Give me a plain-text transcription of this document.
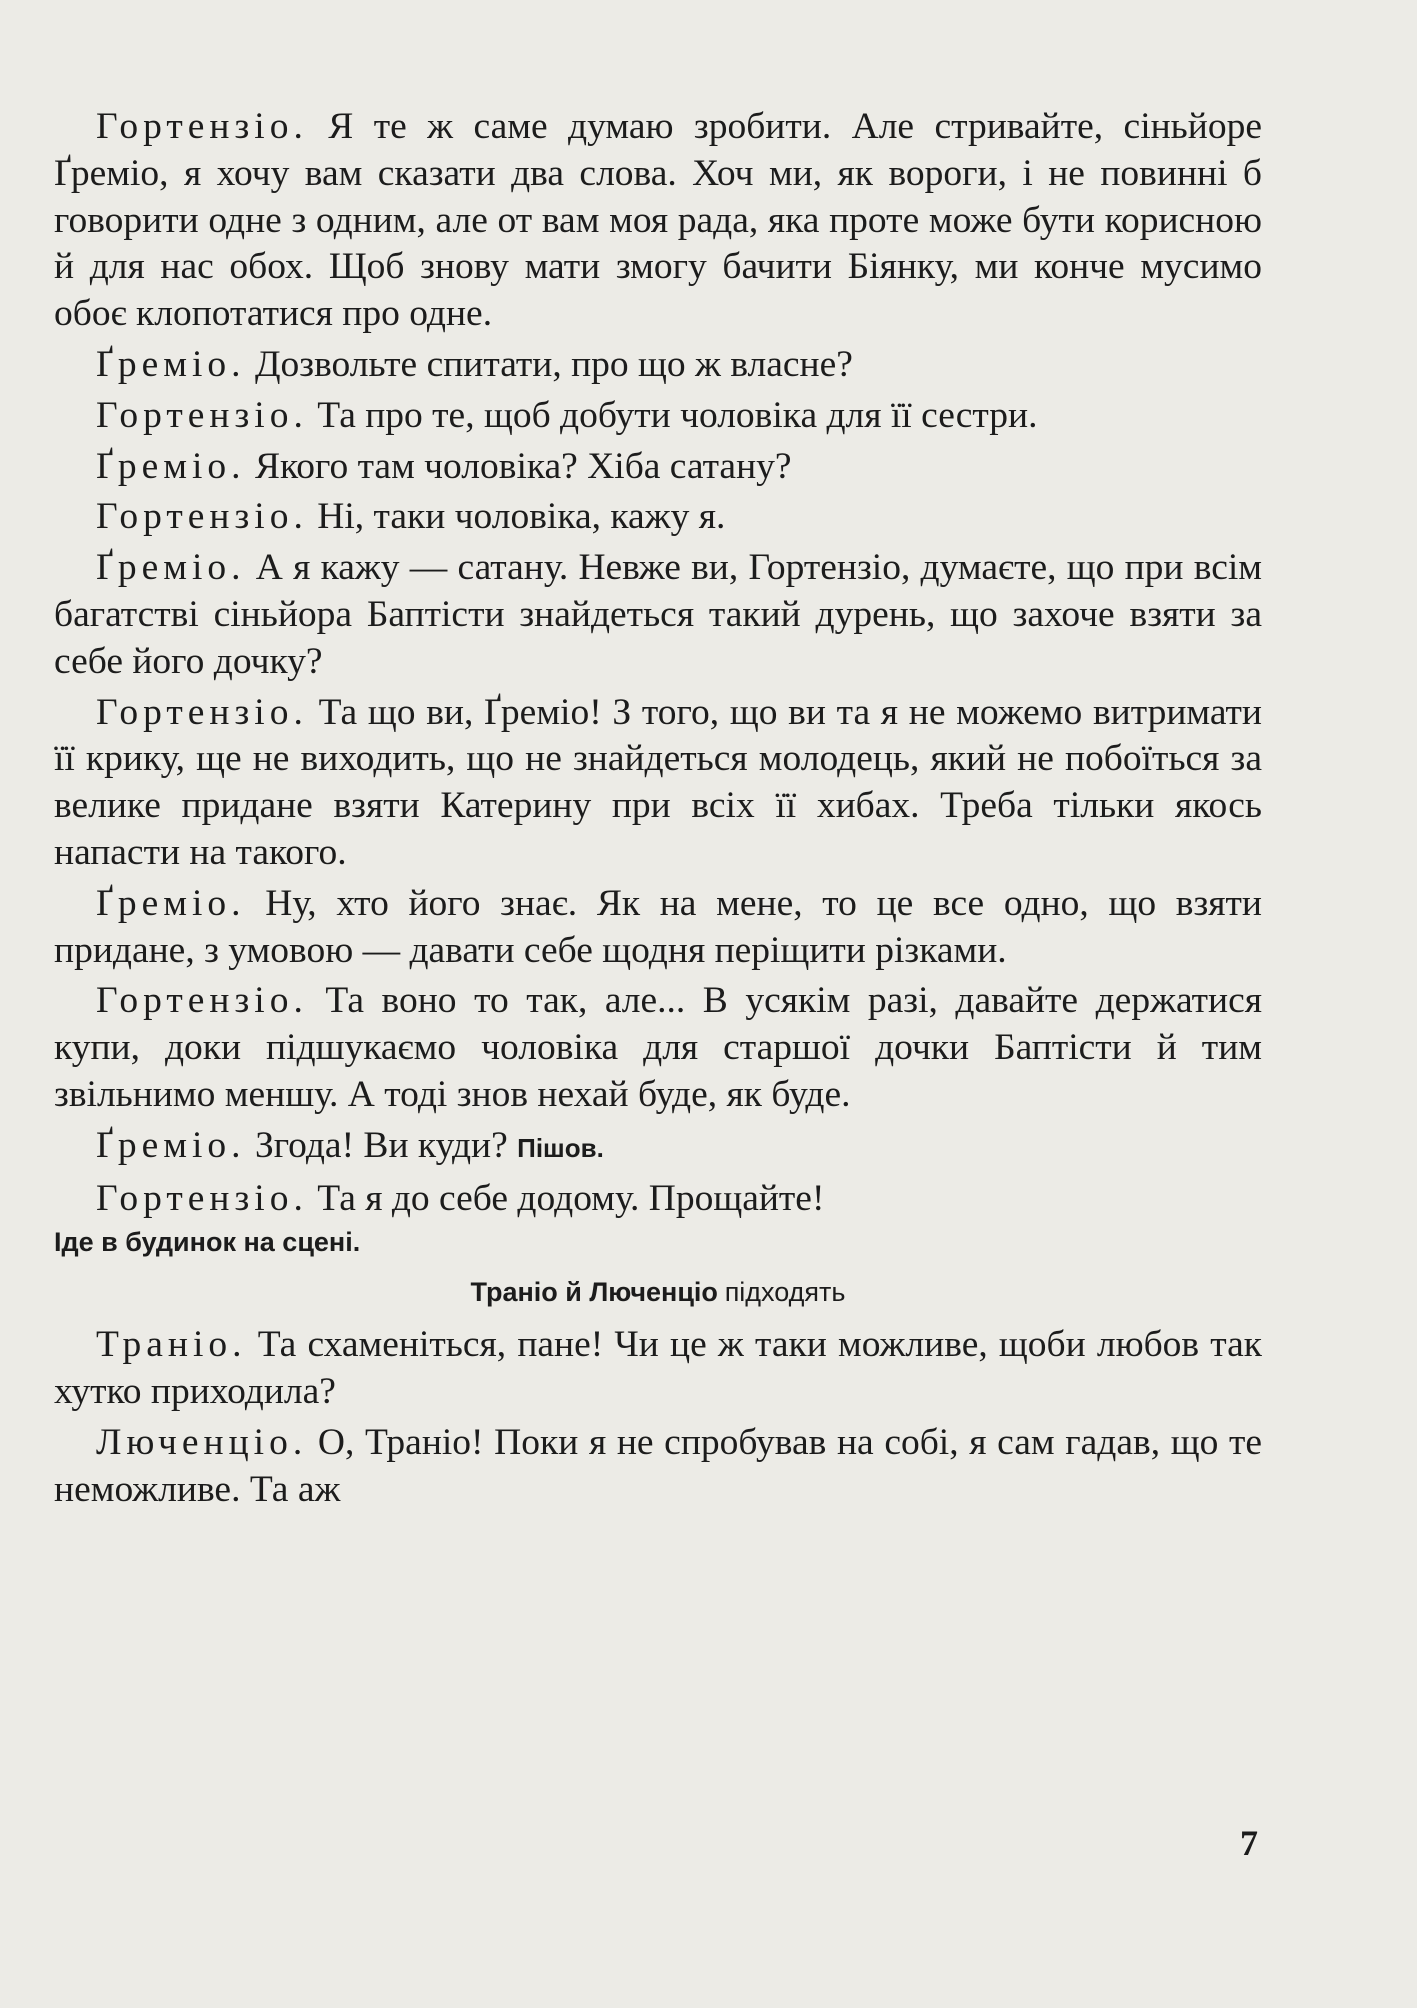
Гортензіо. Я те ж саме думаю зробити. Але стривайте, сіньйоре Ґреміо, я хочу вам сказати два слова. Хоч ми, як вороги, і не повинні б говорити одне з одним, але от вам моя рада, яка проте може бути корисною й для нас обох. Щоб знову мати змогу бачити Біянку, ми конче мусимо обоє клопотатися про одне.

Ґреміо. Дозвольте спитати, про що ж власне?

Гортензіо. Та про те, щоб добути чоловіка для її сестри.

Ґреміо. Якого там чоловіка? Хіба сатану?

Гортензіо. Ні, таки чоловіка, кажу я.

Ґреміо. А я кажу — сатану. Невже ви, Гортензіо, думаєте, що при всім багатстві сіньйора Баптісти знайдеться такий дурень, що захоче взяти за себе його дочку?

Гортензіо. Та що ви, Ґреміо! З того, що ви та я не можемо витримати її крику, ще не виходить, що не знайдеться молодець, який не побоїться за велике придане взяти Катерину при всіх її хибах. Треба тільки якось напасти на такого.

Ґреміо. Ну, хто його знає. Як на мене, то це все одно, що взяти придане, з умовою — давати себе щодня періщити різками.

Гортензіо. Та воно то так, але... В усякім разі, давайте держатися купи, доки підшукаємо чоловіка для старшої дочки Баптісти й тим звільнимо меншу. А тоді знов нехай буде, як буде.

Ґреміо. Згода! Ви куди? Пішов.

Гортензіо. Та я до себе додому. Прощайте!

Іде в будинок на сцені.

Траніо й Люченціо підходять

Траніо. Та схаменіться, пане! Чи це ж таки можливе, щоби любов так хутко приходила?

Люченціо. О, Траніо! Поки я не спробував на собі, я сам гадав, що те неможливе. Та аж

7
